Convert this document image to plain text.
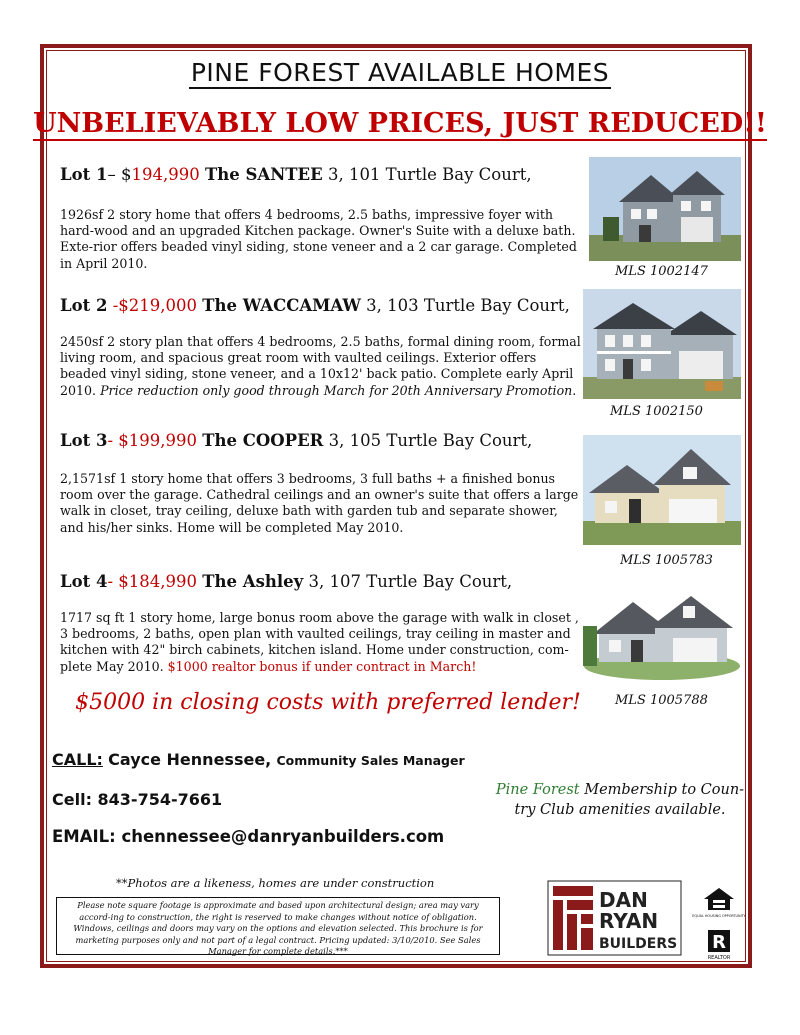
PINE FOREST AVAILABLE HOMES
UNBELIEVABLY LOW PRICES, JUST REDUCED!!
Lot 1– $194,990 The SANTEE 3, 101 Turtle Bay Court,
1926sf 2 story home that offers 4 bedrooms, 2.5 baths, impressive foyer with hard-wood and an upgraded Kitchen package. Owner's Suite with a deluxe bath. Exte-rior offers beaded vinyl siding, stone veneer and a 2 car garage. Completed in April 2010.
MLS 1002147
Lot 2 -$219,000 The WACCAMAW 3, 103 Turtle Bay Court,
2450sf 2 story plan that offers 4 bedrooms, 2.5 baths, formal dining room, formal living room, and spacious great room with vaulted ceilings. Exterior offers beaded vinyl siding, stone veneer, and a 10x12' back patio. Complete early April 2010. Price reduction only good through March for 20th Anniversary Promotion.
MLS 1002150
Lot 3- $199,990 The COOPER 3, 105 Turtle Bay Court,
2,1571sf 1 story home that offers 3 bedrooms, 3 full baths + a finished bonus room over the garage. Cathedral ceilings and an owner's suite that offers a large walk in closet, tray ceiling, deluxe bath with garden tub and separate shower, and his/her sinks. Home will be completed May 2010.
MLS 1005783
Lot 4- $184,990 The Ashley 3, 107 Turtle Bay Court,
1717 sq ft 1 story home, large bonus room above the garage with walk in closet , 3 bedrooms, 2 baths, open plan with vaulted ceilings, tray ceiling in master and kitchen with 42" birch cabinets, kitchen island. Home under construction, com-plete May 2010. $1000 realtor bonus if under contract in March!
MLS 1005788
$5000 in closing costs with preferred lender!
CALL: Cayce Hennessee, Community Sales Manager
Cell: 843-754-7661
EMAIL: chennessee@danryanbuilders.com
Pine Forest Membership to Coun-try Club amenities available.
**Photos are a likeness, homes are under construction
Please note square footage is approximate and based upon architectural design; area may vary accord-ing to construction, the right is reserved to make changes without notice of obligation. Windows, ceilings and doors may vary on the options and elevation selected. This brochure is for marketing purposes only and not part of a legal contract. Pricing updated: 3/10/2010. See Sales Manager for complete details.***
DAN
RYAN
BUILDERS
EQUAL HOUSING OPPORTUNITY
R
REALTOR
